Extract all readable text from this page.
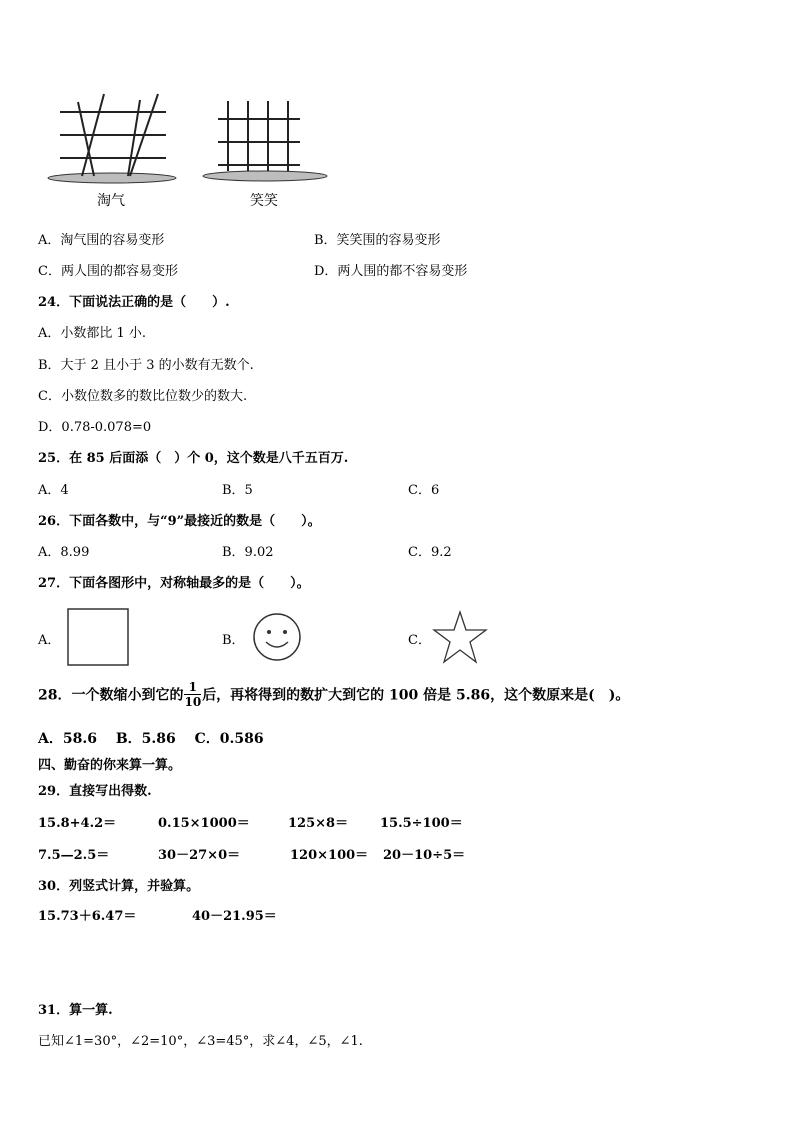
淘气	笑笑
A．淘气围的容易变形	B．笑笑围的容易变形
C．两人围的都容易变形	D．两人围的都不容易变形
24．下面说法正确的是（　　）.
A．小数都比 1 小.
B．大于 2 且小于 3 的小数有无数个.
C．小数位数多的数比位数少的数大.
D．0.78-0.078=0
25．在 85 后面添（　）个 0，这个数是八千五百万.
A．4	B．5	C．6
26．下面各数中，与“9”最接近的数是（　　）。
A．8.99	B．9.02	C．9.2
27．下面各图形中，对称轴最多的是（　　）。
A．	B．	C．
28．一个数缩小到它的 $\frac{1}{10}$ 后，再将得到的数扩大到它的 100 倍是 5.86，这个数原来是(　)。
A．58.6　 B．5.86　 C．0.586
四、勤奋的你来算一算。
29．直接写出得数.
15.8+4.2＝	0.15×1000＝	125×8＝ 15.5÷100＝
7.5—2.5＝	30－27×0＝	120×100＝ 20－10÷5＝
30．列竖式计算，并验算。
15.73＋6.47＝	40－21.95＝
31．算一算.
已知∠1=30°，∠2=10°，∠3=45°，求∠4，∠5，∠1.
